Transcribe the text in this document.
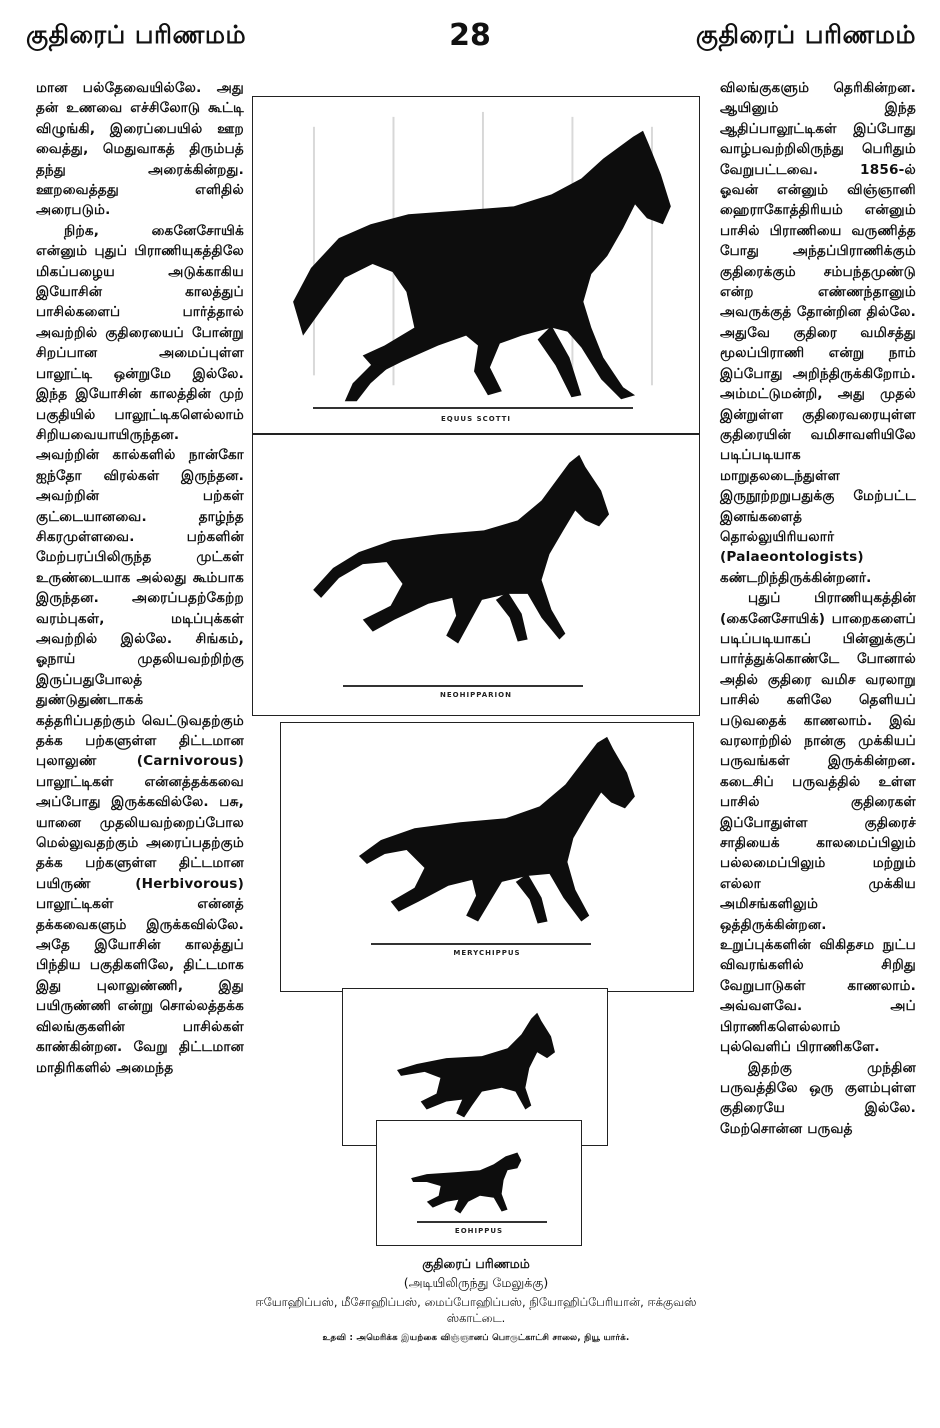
குதிரைப் பரிணமம்	28	குதிரைப் பரிணமம்

மான பல்தேவையில்லே. அது தன் உணவை எச்சிலோடு கூட்டி விழுங்கி, இரைப்பையில் ஊற வைத்து, மெதுவாகத் திரும்பத் தந்து அரைக்கின்றது. ஊறவைத்தது எளிதில் அரைபடும்.

நிற்க, கைனேசோயிக் என்னும் புதுப் பிராணியுகத்திலே மிகப்பழைய அடுக்காகிய இயோசின் காலத்துப் பாசில்களைப் பார்த்தால் அவற்றில் குதிரையைப் போன்று சிறப்பான அமைப்புள்ள பாலூட்டி ஒன்றுமே இல்லே. இந்த இயோசின் காலத்தின் முற் பகுதியில் பாலூட்டிகளெல்லாம் சிறியவையாயிருந்தன. அவற்றின் கால்களில் நான்கோ ஐந்தோ விரல்கள் இருந்தன. அவற்றின் பற்கள் குட்டையானவை. தாழ்ந்த சிகரமுள்ளவை. பற்களின் மேற்பரப்பிலிருந்த முட்கள் உருண்டையாக அல்லது கூம்பாக இருந்தன. அரைப்பதற்கேற்ற வரம்புகள், மடிப்புக்கள் அவற்றில் இல்லே. சிங்கம், ஓநாய் முதலியவற்றிற்கு இருப்பதுபோலத் துண்டுதுண்டாகக் கத்தரிப்பதற்கும் வெட்டுவதற்கும் தக்க பற்களுள்ள திட்டமான புலாலுண் (Carnivorous) பாலூட்டிகள் என்னத்தக்கவை அப்போது இருக்கவில்லே. பசு, யானை முதலியவற்றைப்போல மெல்லுவதற்கும் அரைப்பதற்கும் தக்க பற்களுள்ள திட்டமான பயிருண் (Herbivorous) பாலூட்டிகள் என்னத் தக்கவைகளும் இருக்கவில்லே. அதே இயோசின் காலத்துப் பிந்திய பகுதிகளிலே, திட்டமாக இது புலாலுண்ணி, இது பயிருண்ணி என்று சொல்லத்தக்க விலங்குகளின் பாசில்கள் காண்கின்றன. வேறு திட்டமான மாதிரிகளில் அமைந்த

EQUUS SCOTTI
NEOHIPPARION
MERYCHIPPUS
EOHIPPUS
குதிரைப் பரிணமம்
(அடியிலிருந்து மேலுக்கு)
ஈயோஹிப்பஸ், மீசோஹிப்பஸ், மைப்போஹிப்பஸ், நியோஹிப்பேரியான், ஈக்குவஸ் ஸ்காட்டை.
உதவி : அமெரிக்க இயற்கை விஞ்ஞானப் பொருட்காட்சி சாலை, நியூ யார்க்.

விலங்குகளும் தெரிகின்றன. ஆயினும் இந்த ஆதிப்பாலூட்டிகள் இப்போது வாழ்பவற்றிலிருந்து பெரிதும் வேறுபட்டவை. 1856-ல் ஓவன் என்னும் விஞ்ஞானி ஹைராகோத்திரியம் என்னும் பாசில் பிராணியை வருணித்த போது அந்தப்பிராணிக்கும் குதிரைக்கும் சம்பந்தமுண்டு என்ற எண்ணந்தானும் அவருக்குத் தோன்றின தில்லே. அதுவே குதிரை வமிசத்து மூலப்பிராணி என்று நாம் இப்போது அறிந்திருக்கிறோம். அம்மட்டுமன்றி, அது முதல் இன்றுள்ள குதிரைவரையுள்ள குதிரையின் வமிசாவளியிலே படிப்படியாக மாறுதலடைந்துள்ள இருநூற்றறுபதுக்கு மேற்பட்ட இனங்களைத் தொல்லுயிரியலார் (Palaeontologists) கண்டறிந்திருக்கின்றனர்.

புதுப் பிராணியுகத்தின் (கைனேசோயிக்) பாறைகளைப் படிப்படியாகப் பின்னுக்குப் பார்த்துக்கொண்டே போனால் அதில் குதிரை வமிச வரலாறு பாசில் களிலே தெளியப் படுவதைக் காணலாம். இவ் வரலாற்றில் நான்கு முக்கியப் பருவங்கள் இருக்கின்றன. கடைசிப் பருவத்தில் உள்ள பாசில் குதிரைகள் இப்போதுள்ள குதிரைச் சாதியைக் காலமைப்பிலும் பல்லமைப்பிலும் மற்றும் எல்லா முக்கிய அமிசங்களிலும் ஒத்திருக்கின்றன. உறுப்புக்களின் விகிதசம நுட்ப விவரங்களில் சிறிது வேறுபாடுகள் காணலாம். அவ்வளவே. அப் பிராணிகளெல்லாம் புல்வெளிப் பிராணிகளே.

இதற்கு முந்தின பருவத்திலே ஒரு குளம்புள்ள குதிரையே இல்லே. மேற்சொன்ன பருவத்
